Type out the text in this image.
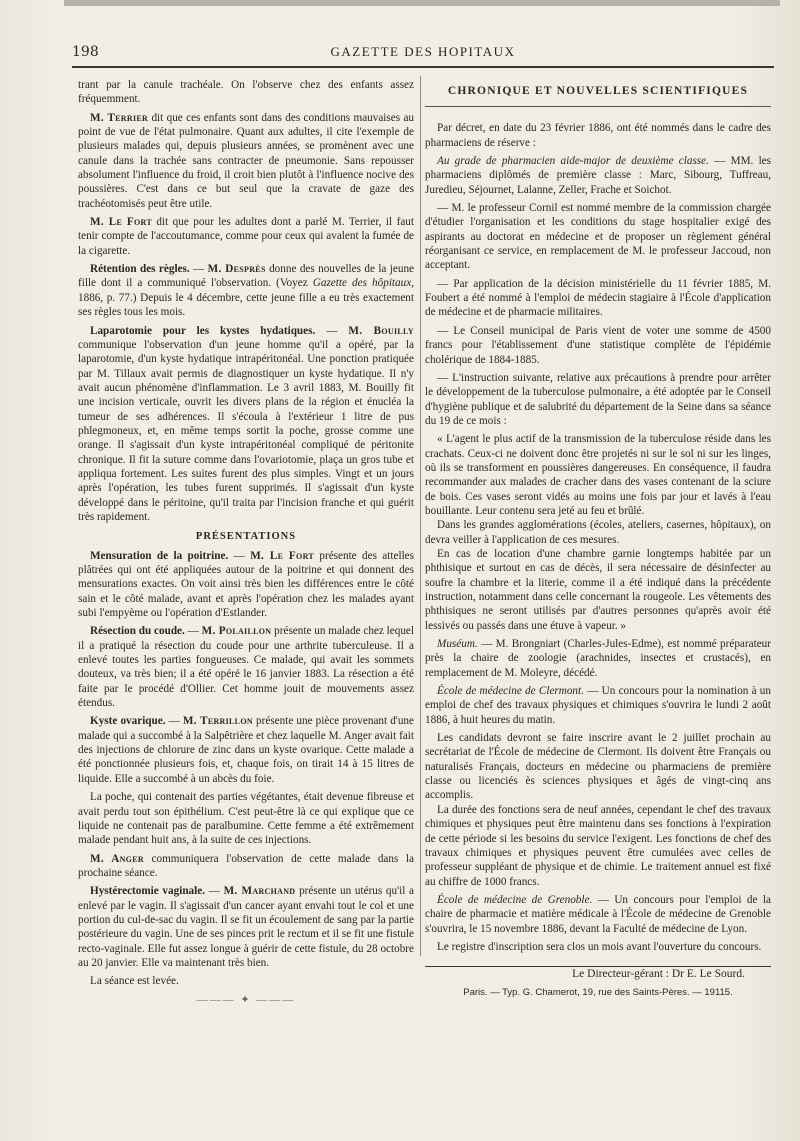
198	GAZETTE DES HOPITAUX

trant par la canule trachéale. On l'observe chez des enfants assez fréquemment.

M. Terrier dit que ces enfants sont dans des conditions mauvaises au point de vue de l'état pulmonaire. Quant aux adultes, il cite l'exemple de plusieurs malades qui, depuis plusieurs années, se promènent avec une canule dans la trachée sans contracter de pneumonie. Sans repousser absolument l'influence du froid, il croit bien plutôt à l'influence nocive des poussières. C'est dans ce but seul que la cravate de gaze des trachéotomisés peut être utile.

M. Le Fort dit que pour les adultes dont a parlé M. Terrier, il faut tenir compte de l'accoutumance, comme pour ceux qui avalent la fumée de la cigarette.

Rétention des règles. — M. Desprès donne des nouvelles de la jeune fille dont il a communiqué l'observation. (Voyez Gazette des hôpitaux, 1886, p. 77.) Depuis le 4 décembre, cette jeune fille a eu très exactement ses règles tous les mois.

Laparotomie pour les kystes hydatiques. — M. Bouilly communique l'observation d'un jeune homme qu'il a opéré, par la laparotomie, d'un kyste hydatique intrapéritonéal. Une ponction pratiquée par M. Tillaux avait permis de diagnostiquer un kyste hydatique. Il n'y avait aucun phénomène d'inflammation. Le 3 avril 1883, M. Bouilly fit une incision verticale, ouvrit les divers plans de la région et énucléa la tumeur de ses adhérences. Il s'écoula à l'extérieur 1 litre de pus phlegmoneux, et, en même temps sortit la poche, grosse comme une orange. Il s'agissait d'un kyste intrapéritonéal compliqué de péritonite chronique. Il fit la suture comme dans l'ovariotomie, plaça un gros tube et appliqua fortement. Les suites furent des plus simples. Vingt et un jours après l'opération, les tubes furent supprimés. Il s'agissait d'un kyste développé dans le péritoine, qu'il traita par l'incision franche et qui guérit très rapidement.

PRÉSENTATIONS

Mensuration de la poitrine. — M. Le Fort présente des attelles plâtrées qui ont été appliquées autour de la poitrine et qui donnent des mensurations exactes. On voit ainsi très bien les différences entre le côté sain et le côté malade, avant et après l'opération chez les malades ayant subi l'empyème ou l'opération d'Estlander.

Résection du coude. — M. Polaillon présente un malade chez lequel il a pratiqué la résection du coude pour une arthrite tuberculeuse. Il a enlevé toutes les parties fongueuses. Ce malade, qui avait les sommets douteux, va très bien; il a été opéré le 16 janvier 1883. La résection a été faite par le procédé d'Ollier. Cet homme jouit de mouvements assez étendus.

Kyste ovarique. — M. Terrillon présente une pièce provenant d'une malade qui a succombé à la Salpêtrière et chez laquelle M. Anger avait fait des injections de chlorure de zinc dans un kyste ovarique. Cette malade a été ponctionnée plusieurs fois, et, chaque fois, on tirait 14 à 15 litres de liquide. Elle a succombé à un abcès du foie.

La poche, qui contenait des parties végétantes, était devenue fibreuse et avait perdu tout son épithélium. C'est peut-être là ce qui explique que ce liquide ne contenait pas de paralbumine. Cette femme a été extrêmement malade pendant huit ans, à la suite de ces injections.

M. Anger communiquera l'observation de cette malade dans la prochaine séance.

Hystérectomie vaginale. — M. Marchand présente un utérus qu'il a enlevé par le vagin. Il s'agissait d'un cancer ayant envahi tout le col et une portion du cul-de-sac du vagin. Il se fit un écoulement de sang par la partie postérieure du vagin. Une de ses pinces prit le rectum et il se fit une fistule recto-vaginale. Elle fut assez longue à guérir de cette fistule, du 28 octobre au 20 janvier. Elle va maintenant très bien.

La séance est levée.

——— ✦ ———
CHRONIQUE ET NOUVELLES SCIENTIFIQUES

Par décret, en date du 23 février 1886, ont été nommés dans le cadre des pharmaciens de réserve :

Au grade de pharmacien aide-major de deuxième classe. — MM. les pharmaciens diplômés de première classe : Marc, Sibourg, Tuffreau, Jurediеu, Séjournet, Lalanne, Zeller, Frache et Soichot.

— M. le professeur Cornil est nommé membre de la commission chargée d'étudier l'organisation et les conditions du stage hospitalier exigé des aspirants au doctorat en médecine et de proposer un règlement général réorganisant ce service, en remplacement de M. le professeur Jaccoud, non acceptant.

— Par application de la décision ministérielle du 11 février 1885, M. Foubert a été nommé à l'emploi de médecin stagiaire à l'École d'application de médecine et de pharmacie militaires.

— Le Conseil municipal de Paris vient de voter une somme de 4500 francs pour l'établissement d'une statistique complète de l'épidémie cholérique de 1884-1885.

— L'instruction suivante, relative aux précautions à prendre pour arrêter le développement de la tuberculose pulmonaire, a été adoptée par le Conseil d'hygiène publique et de salubrité du département de la Seine dans sa séance du 19 de ce mois :

« L'agent le plus actif de la transmission de la tuberculose réside dans les crachats. Ceux-ci ne doivent donc être projetés ni sur le sol ni sur les linges, où ils se transforment en poussières dangereuses. En conséquence, il faudra recommander aux malades de cracher dans des vases contenant de la sciure de bois. Ces vases seront vidés au moins une fois par jour et lavés à l'eau bouillante. Leur contenu sera jeté au feu et brûlé.

Dans les grandes agglomérations (écoles, ateliers, casernes, hôpitaux), on devra veiller à l'application de ces mesures.

En cas de location d'une chambre garnie longtemps habitée par un phthisique et surtout en cas de décès, il sera nécessaire de désinfecter au soufre la chambre et la literie, comme il a été indiqué dans la précédente instruction, notamment dans celle concernant la rougeole. Les vêtements des phthisiques ne seront utilisés par d'autres personnes qu'après avoir été lessivés ou passés dans une étuve à vapeur. »

Muséum. — M. Brongniart (Charles-Jules-Edme), est nommé préparateur près la chaire de zoologie (arachnides, insectes et crustacés), en remplacement de M. Moleyre, décédé.

École de médecine de Clermont. — Un concours pour la nomination à un emploi de chef des travaux physiques et chimiques s'ouvrira le lundi 2 août 1886, à huit heures du matin.

Les candidats devront se faire inscrire avant le 2 juillet prochain au secrétariat de l'École de médecine de Clermont. Ils doivent être Français ou naturalisés Français, docteurs en médecine ou pharmaciens de première classe ou licenciés ès sciences physiques et âgés de vingt-cinq ans accomplis.

La durée des fonctions sera de neuf années, cependant le chef des travaux chimiques et physiques peut être maintenu dans ses fonctions à l'expiration de cette période si les besoins du service l'exigent. Les fonctions de chef des travaux chimiques et physiques peuvent être cumulées avec celles de professeur suppléant de physique et de chimie. Le traitement annuel est fixé au chiffre de 1000 francs.

École de médecine de Grenoble. — Un concours pour l'emploi de la chaire de pharmacie et matière médicale à l'École de médecine de Grenoble s'ouvrira, le 15 novembre 1886, devant la Faculté de médecine de Lyon.

Le registre d'inscription sera clos un mois avant l'ouverture du concours.

Le Directeur-gérant : Dr E. Le Sourd.
Paris. — Typ. G. Chamerot, 19, rue des Saints-Pères. — 19115.
